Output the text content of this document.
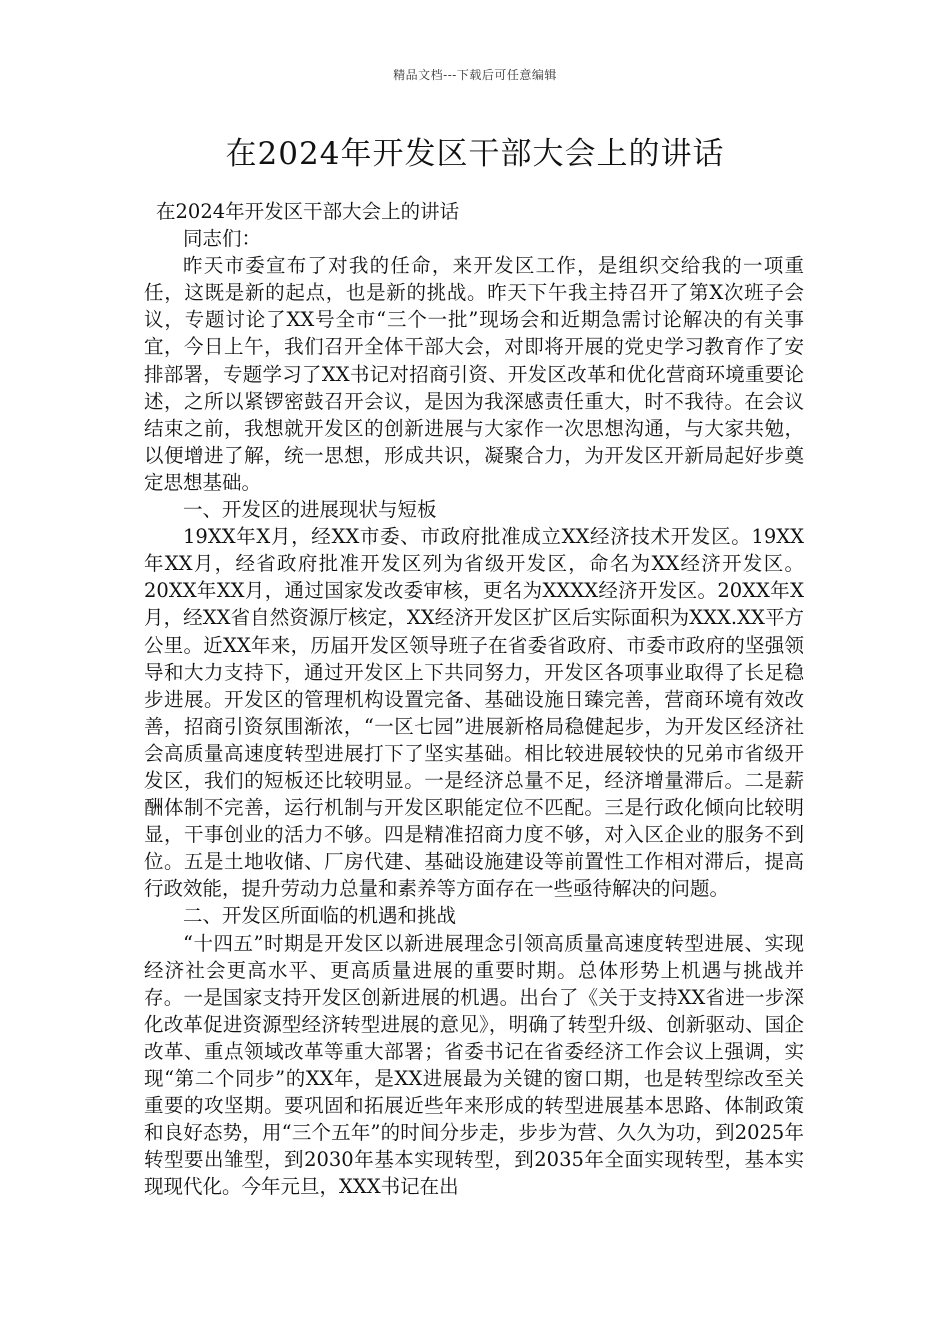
精品文档---下载后可任意编辑
在2024年开发区干部大会上的讲话

在2024年开发区干部大会上的讲话

同志们：

昨天市委宣布了对我的任命，来开发区工作，是组织交给我的一项重任，这既是新的起点，也是新的挑战。昨天下午我主持召开了第X次班子会议，专题讨论了XX号全市“三个一批”现场会和近期急需讨论解决的有关事宜，今日上午，我们召开全体干部大会，对即将开展的党史学习教育作了安排部署，专题学习了XX书记对招商引资、开发区改革和优化营商环境重要论述，之所以紧锣密鼓召开会议，是因为我深感责任重大，时不我待。在会议结束之前，我想就开发区的创新进展与大家作一次思想沟通，与大家共勉，以便增进了解，统一思想，形成共识，凝聚合力，为开发区开新局起好步奠定思想基础。

一、开发区的进展现状与短板

19XX年X月，经XX市委、市政府批准成立XX经济技术开发区。19XX年XX月，经省政府批准开发区列为省级开发区，命名为XX经济开发区。20XX年XX月，通过国家发改委审核，更名为XXXX经济开发区。20XX年X月，经XX省自然资源厅核定，XX经济开发区扩区后实际面积为XXX.XX平方公里。近XX年来，历届开发区领导班子在省委省政府、市委市政府的坚强领导和大力支持下，通过开发区上下共同努力，开发区各项事业取得了长足稳步进展。开发区的管理机构设置完备、基础设施日臻完善，营商环境有效改善，招商引资氛围渐浓，“一区七园”进展新格局稳健起步，为开发区经济社会高质量高速度转型进展打下了坚实基础。相比较进展较快的兄弟市省级开发区，我们的短板还比较明显。一是经济总量不足，经济增量滞后。二是薪酬体制不完善，运行机制与开发区职能定位不匹配。三是行政化倾向比较明显，干事创业的活力不够。四是精准招商力度不够，对入区企业的服务不到位。五是土地收储、厂房代建、基础设施建设等前置性工作相对滞后，提高行政效能，提升劳动力总量和素养等方面存在一些亟待解决的问题。

二、开发区所面临的机遇和挑战

“十四五”时期是开发区以新进展理念引领高质量高速度转型进展、实现经济社会更高水平、更高质量进展的重要时期。总体形势上机遇与挑战并存。一是国家支持开发区创新进展的机遇。出台了《关于支持XX省进一步深化改革促进资源型经济转型进展的意见》，明确了转型升级、创新驱动、国企改革、重点领域改革等重大部署；省委书记在省委经济工作会议上强调，实现“第二个同步”的XX年，是XX进展最为关键的窗口期，也是转型综改至关重要的攻坚期。要巩固和拓展近些年来形成的转型进展基本思路、体制政策和良好态势，用“三个五年”的时间分步走，步步为营、久久为功，到2025年转型要出雏型，到2030年基本实现转型，到2035年全面实现转型，基本实现现代化。今年元旦，XXX书记在出
